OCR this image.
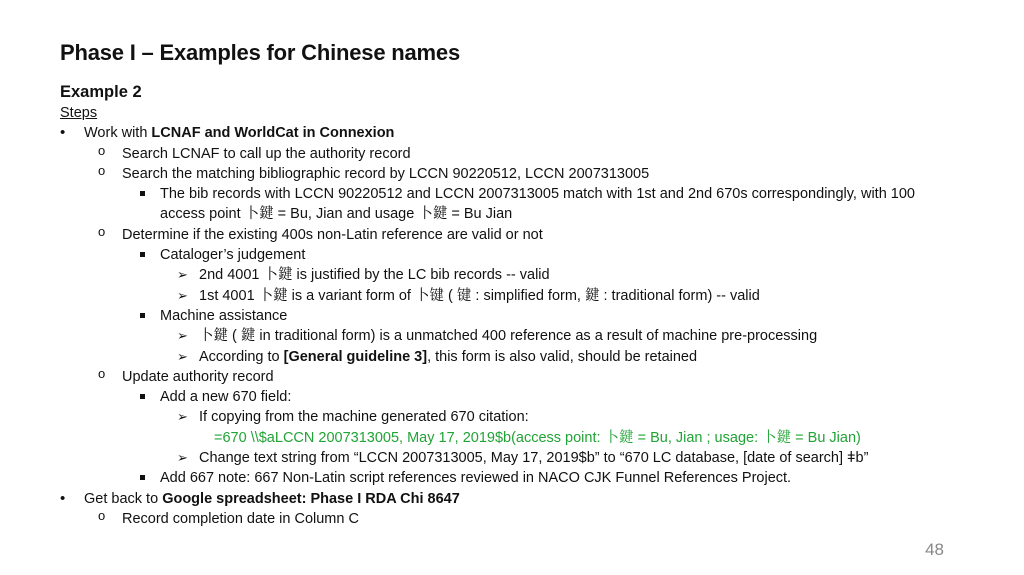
Phase I – Examples for Chinese names
Example 2
Steps
• Work with LCNAF and WorldCat in Connexion
o Search LCNAF to call up the authority record
o Search the matching bibliographic record by LCCN 90220512, LCCN 2007313005
The bib records with LCCN 90220512 and LCCN 2007313005 match with 1st and 2nd 670s correspondingly, with 100 access point 卜鍵 = Bu, Jian and usage 卜鍵 = Bu Jian
o Determine if the existing 400s non-Latin reference are valid or not
Cataloger’s judgement
➢ 2nd 4001 卜鍵 is justified by the LC bib records -- valid
➢ 1st 4001 卜鍵 is a variant form of 卜键 ( 键 : simplified form, 鍵 : traditional form) -- valid
Machine assistance
➢ 卜鍵 ( 鍵 in traditional form) is a unmatched 400 reference as a result of machine pre-processing
➢ According to [General guideline 3], this form is also valid, should be retained
o Update authority record
Add a new 670 field:
➢ If copying from the machine generated 670 citation:
=670 \\$aLCCN 2007313005, May 17, 2019$b(access point: 卜鍵 = Bu, Jian ; usage: 卜鍵 = Bu Jian)
➢ Change text string from “LCCN 2007313005, May 17, 2019$b” to “670 LC database, [date of search] ǂb”
Add 667 note: 667 Non-Latin script references reviewed in NACO CJK Funnel References Project.
• Get back to Google spreadsheet: Phase I RDA Chi 8647
o Record completion date in Column C
48
